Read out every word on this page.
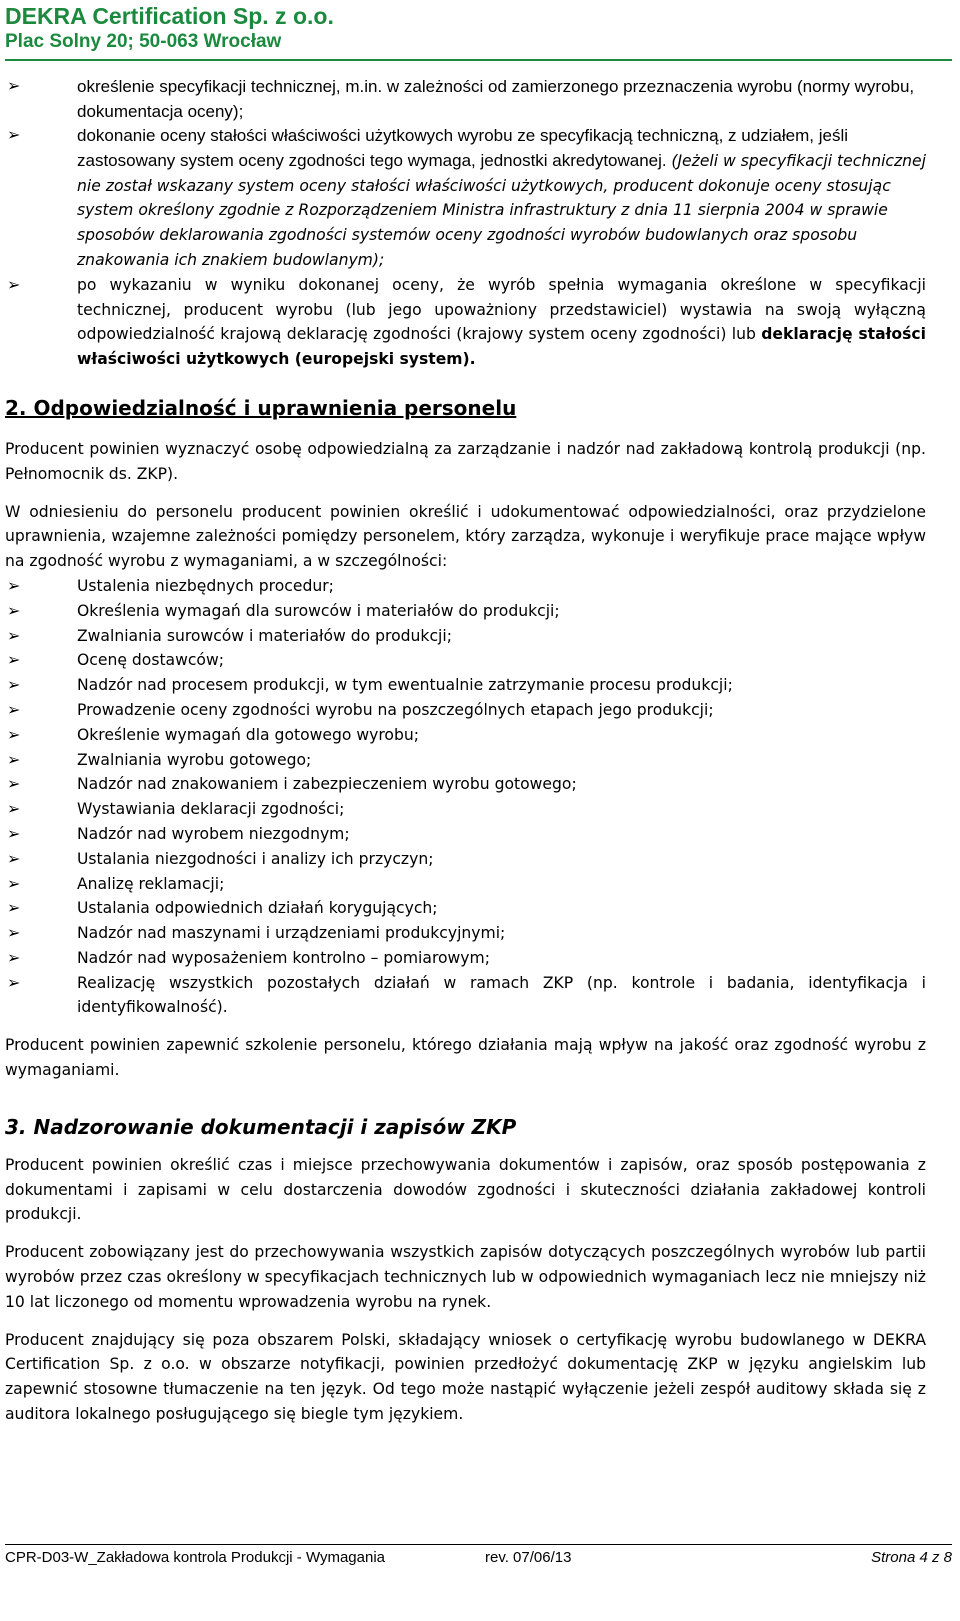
DEKRA Certification Sp. z o.o.
Plac Solny 20; 50-063 Wrocław
➢	określenie specyfikacji technicznej, m.in. w zależności od zamierzonego przeznaczenia wyrobu (normy wyrobu, dokumentacja oceny);
➢	dokonanie oceny stałości właściwości użytkowych wyrobu ze specyfikacją techniczną, z udziałem, jeśli zastosowany system oceny zgodności tego wymaga, jednostki akredytowanej. (Jeżeli w specyfikacji technicznej nie został wskazany system oceny stałości właściwości użytkowych, producent dokonuje oceny stosując system określony zgodnie z Rozporządzeniem Ministra infrastruktury z dnia 11 sierpnia 2004 w sprawie sposobów deklarowania zgodności systemów oceny zgodności wyrobów budowlanych oraz sposobu znakowania ich znakiem budowlanym);
➢	po wykazaniu w wyniku dokonanej oceny, że wyrób spełnia wymagania określone w specyfikacji technicznej, producent wyrobu (lub jego upoważniony przedstawiciel) wystawia na swoją wyłączną odpowiedzialność krajową deklarację zgodności (krajowy system oceny zgodności) lub deklarację stałości właściwości użytkowych (europejski system).
2. Odpowiedzialność i uprawnienia personelu

Producent powinien wyznaczyć osobę odpowiedzialną za zarządzanie i nadzór nad zakładową kontrolą produkcji (np. Pełnomocnik ds. ZKP).

W odniesieniu do personelu producent powinien określić i udokumentować odpowiedzialności, oraz przydzielone uprawnienia, wzajemne zależności pomiędzy personelem, który zarządza, wykonuje i weryfikuje prace mające wpływ na zgodność wyrobu z wymaganiami, a w szczególności:

➢	Ustalenia niezbędnych procedur;
➢	Określenia wymagań dla surowców i materiałów do produkcji;
➢	Zwalniania surowców i materiałów do produkcji;
➢	Ocenę dostawców;
➢	Nadzór nad procesem produkcji, w tym ewentualnie zatrzymanie procesu produkcji;
➢	Prowadzenie oceny zgodności wyrobu na poszczególnych etapach jego produkcji;
➢	Określenie wymagań dla gotowego wyrobu;
➢	Zwalniania wyrobu gotowego;
➢	Nadzór nad znakowaniem i zabezpieczeniem wyrobu gotowego;
➢	Wystawiania deklaracji zgodności;
➢	Nadzór nad wyrobem niezgodnym;
➢	Ustalania niezgodności i analizy ich przyczyn;
➢	Analizę reklamacji;
➢	Ustalania odpowiednich działań korygujących;
➢	Nadzór nad maszynami i urządzeniami produkcyjnymi;
➢	Nadzór nad wyposażeniem kontrolno – pomiarowym;
➢	Realizację wszystkich pozostałych działań w ramach ZKP (np. kontrole i badania, identyfikacja i identyfikowalność).

Producent powinien zapewnić szkolenie personelu, którego działania mają wpływ na jakość oraz zgodność wyrobu z wymaganiami.

3. Nadzorowanie dokumentacji i zapisów ZKP

Producent powinien określić czas i miejsce przechowywania dokumentów i zapisów, oraz sposób postępowania z dokumentami i zapisami w celu dostarczenia dowodów zgodności i skuteczności działania zakładowej kontroli produkcji.

Producent zobowiązany jest do przechowywania wszystkich zapisów dotyczących poszczególnych wyrobów lub partii wyrobów przez czas określony w specyfikacjach technicznych lub w odpowiednich wymaganiach lecz nie mniejszy niż 10 lat liczonego od momentu wprowadzenia wyrobu na rynek.

Producent znajdujący się poza obszarem Polski, składający wniosek o certyfikację wyrobu budowlanego w DEKRA Certification Sp. z o.o. w obszarze notyfikacji, powinien przedłożyć dokumentację ZKP w języku angielskim lub zapewnić stosowne tłumaczenie na ten język. Od tego może nastąpić wyłączenie jeżeli zespół auditowy składa się z auditora lokalnego posługującego się biegle tym językiem.

CPR-D03-W_Zakładowa kontrola Produkcji - Wymagania	rev. 07/06/13	Strona 4 z 8
